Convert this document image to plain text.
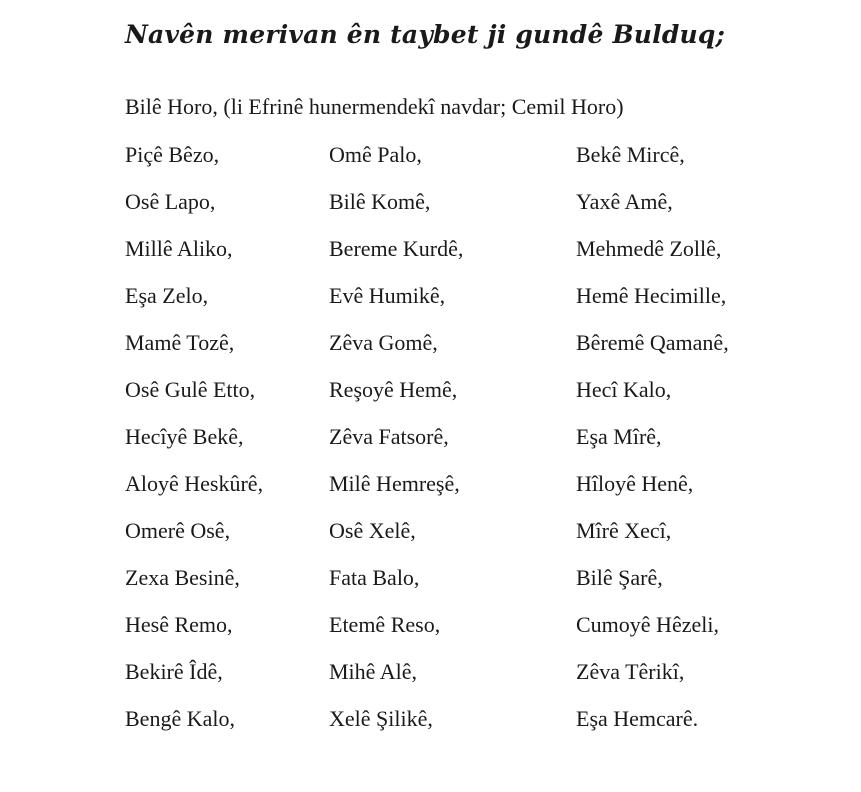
Navên merivan ên taybet ji gundê Bulduq;

Bilê Horo, (li Efrinê hunermendekî navdar; Cemil Horo)

Piçê Bêzo,	Omê Palo,	Bekê Mircê,
Osê Lapo,	Bilê Komê,	Yaxê Amê,
Millê Aliko,	Bereme Kurdê,	Mehmedê Zollê,
Eşa Zelo,	Evê Humikê,	Hemê Hecimille,
Mamê Tozê,	Zêva Gomê,	Bêremê Qamanê,
Osê Gulê Etto,	Reşoyê Hemê,	Hecî Kalo,
Hecîyê Bekê,	Zêva Fatsorê,	Eşa Mîrê,
Aloyê Heskûrê,	Milê Hemreşê,	Hîloyê Henê,
Omerê Osê,	Osê Xelê,	Mîrê Xecî,
Zexa Besinê,	Fata Balo,	Bilê Şarê,
Hesê Remo,	Etemê Reso,	Cumoyê Hêzeli,
Bekirê Îdê,	Mihê Alê,	Zêva Têrikî,
Bengê Kalo,	Xelê Şilikê,	Eşa Hemcarê.
